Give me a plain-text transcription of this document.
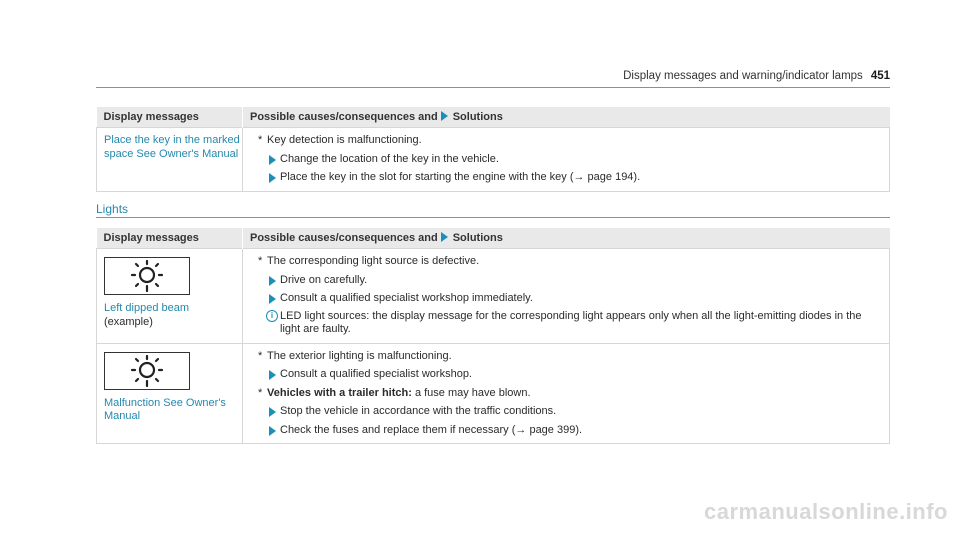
Display messages and warning/indicator lamps 451
Display messages	Possible causes/consequences and Solutions

Place the key in the marked space See Owner's Manual	* Key detection is malfunctioning.
Change the location of the key in the vehicle.
Place the key in the slot for starting the engine with the key (→ page 194).
Lights
Display messages	Possible causes/consequences and Solutions

Left dipped beam (example)	* The corresponding light source is defective.
Drive on carefully.
Consult a qualified specialist workshop immediately.
i LED light sources: the display message for the corresponding light appears only when all the light-emitting diodes in the light are faulty.

Malfunction See Owner's Manual	* The exterior lighting is malfunctioning.
Consult a qualified specialist workshop.
* Vehicles with a trailer hitch: a fuse may have blown.
Stop the vehicle in accordance with the traffic conditions.
Check the fuses and replace them if necessary (→ page 399).
carmanualsonline.info
